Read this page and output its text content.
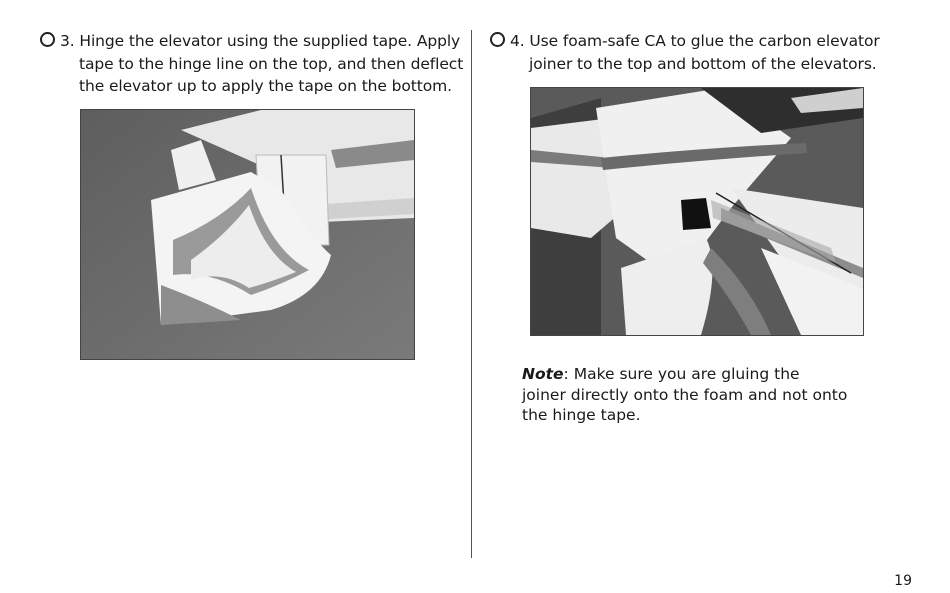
3. Hinge the elevator using the supplied tape. Apply
tape to the hinge line on the top, and then deflect
the elevator up to apply the tape on the bottom.
4. Use foam-safe CA to glue the carbon elevator
joiner to the top and bottom of the elevators.
Note: Make sure you are gluing the
joiner directly onto the foam and not onto
the hinge tape.
19
